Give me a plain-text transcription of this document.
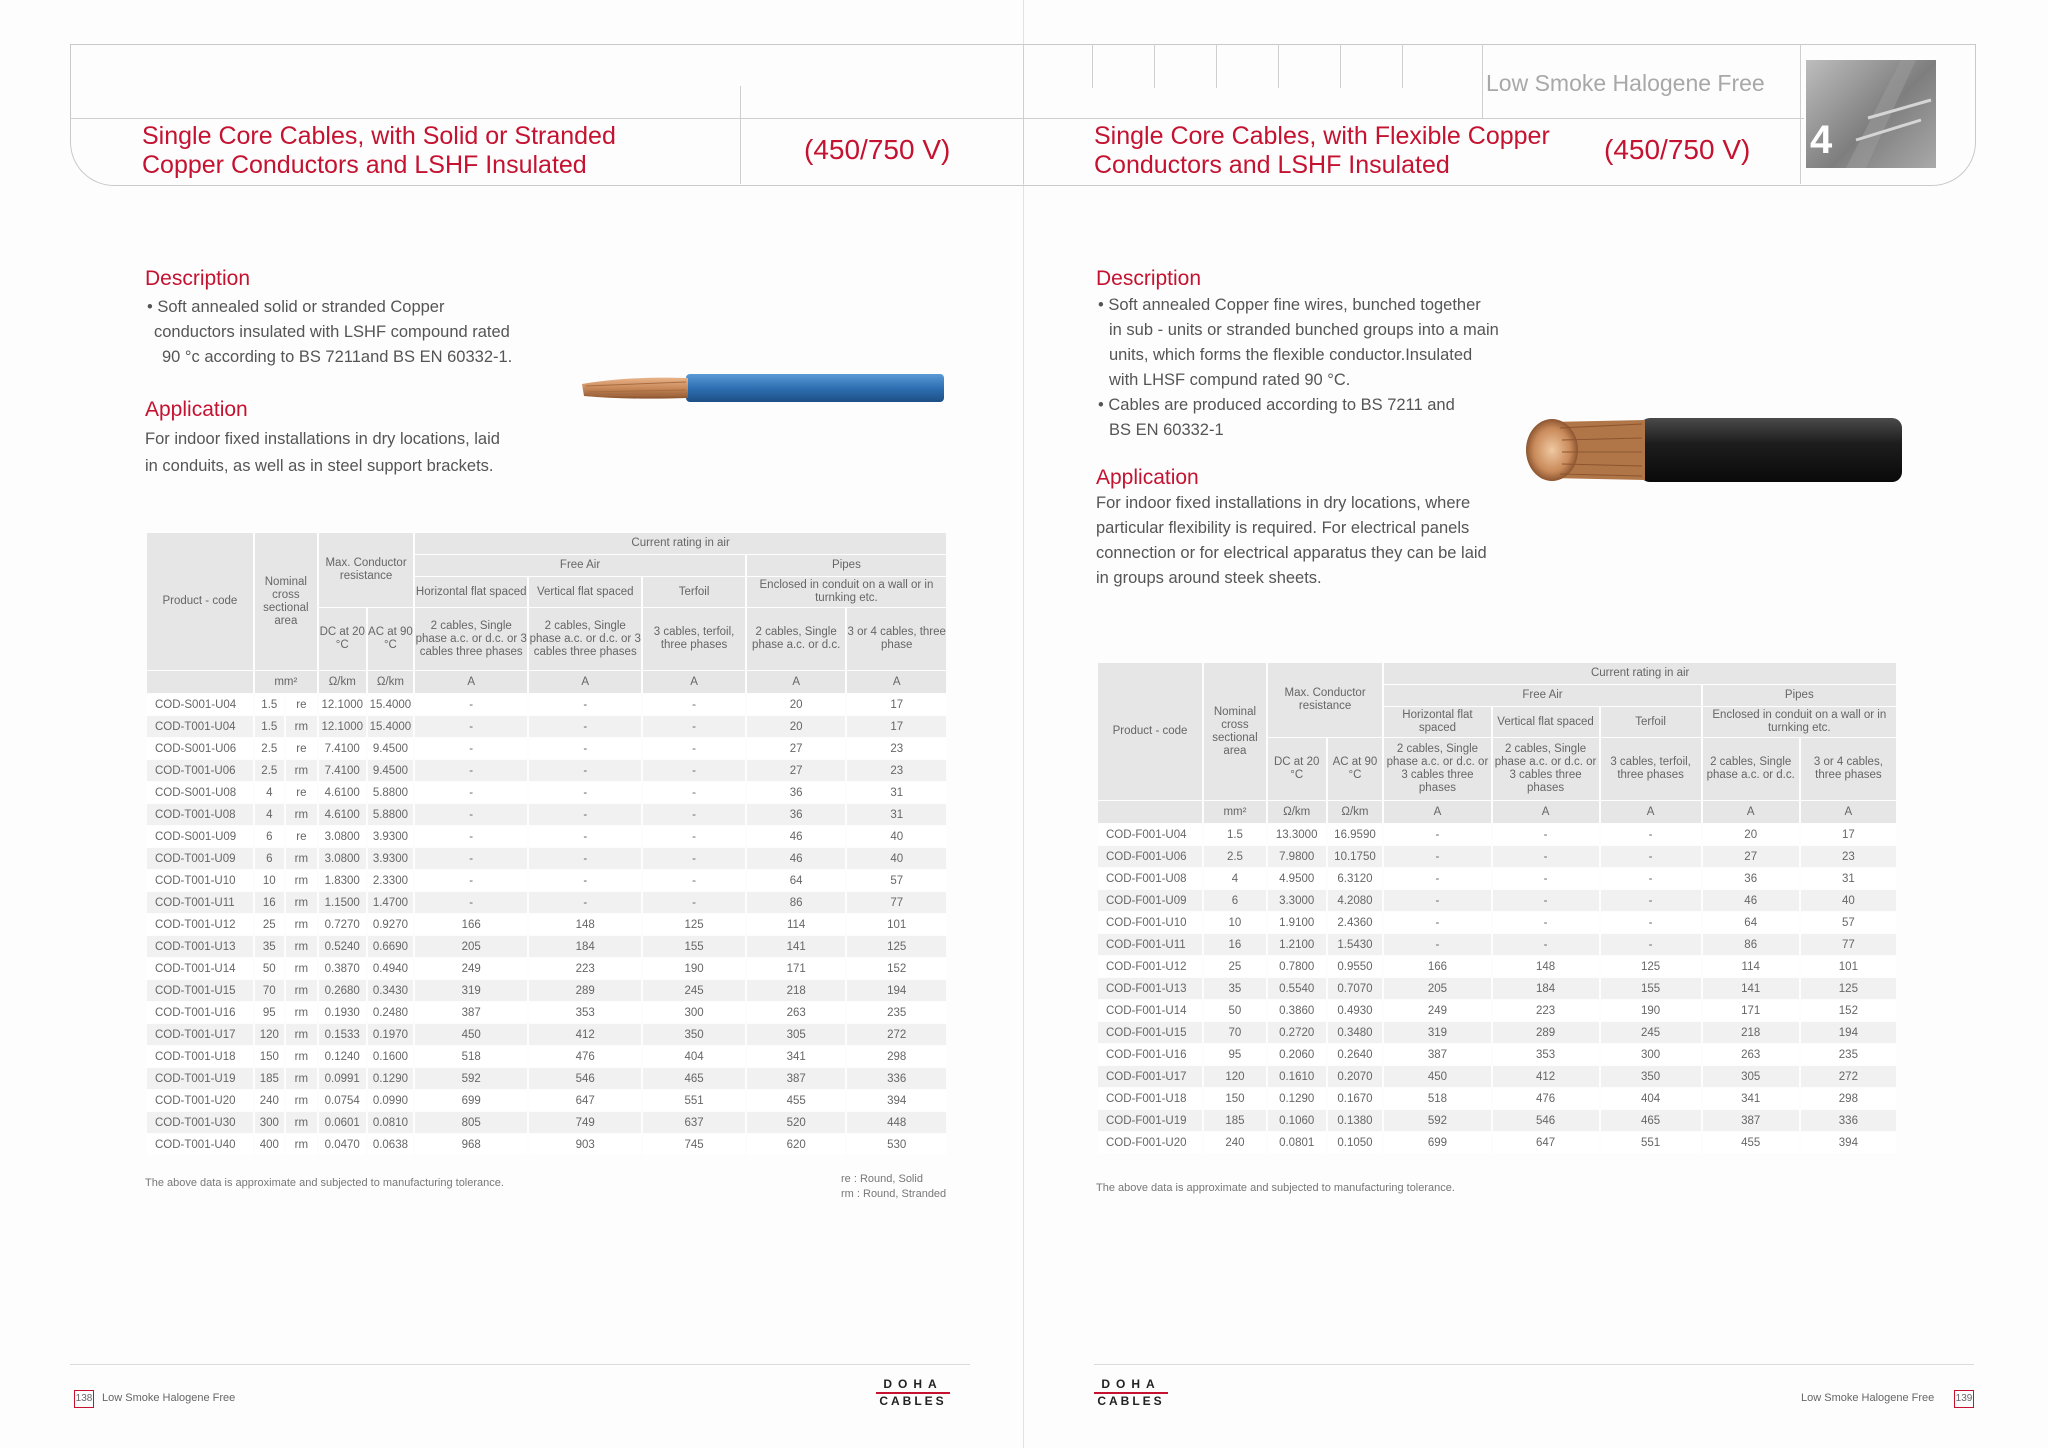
Single Core Cables, with Solid or Stranded
Copper Conductors and LSHF Insulated	(450/750 V)	Single Core Cables, with Flexible Copper
Conductors and LSHF Insulated	(450/750 V)
Low Smoke Halogene Free
4
Description

• Soft annealed solid or stranded Copper

conductors insulated with LSHF compound rated

90 °c according to BS 7211and BS EN 60332-1.

Application

For indoor fixed installations in dry locations, laid

in conduits, as well as in steel support brackets.

Product - code	Nominal cross sectional area		Max. Conductor resistance		Current rating in air				
					Free Air			Pipes	
					Horizontal flat spaced	Vertical flat spaced	Terfoil	Enclosed in conduit on a wall or in turnking etc.	
			DC at 20 °C	AC at 90 °C	2 cables, Single phase a.c. or d.c. or 3 cables three phases	2 cables, Single phase a.c. or d.c. or 3 cables three phases	3 cables, terfoil, three phases	2 cables, Single phase a.c. or d.c.	3 or 4 cables, three phase
	mm²		Ω/km	Ω/km	A	A	A	A	A
COD-S001-U04	1.5	re	12.1000	15.4000	-	-	-	20	17
COD-T001-U04	1.5	rm	12.1000	15.4000	-	-	-	20	17
COD-S001-U06	2.5	re	7.4100	9.4500	-	-	-	27	23
COD-T001-U06	2.5	rm	7.4100	9.4500	-	-	-	27	23
COD-S001-U08	4	re	4.6100	5.8800	-	-	-	36	31
COD-T001-U08	4	rm	4.6100	5.8800	-	-	-	36	31
COD-S001-U09	6	re	3.0800	3.9300	-	-	-	46	40
COD-T001-U09	6	rm	3.0800	3.9300	-	-	-	46	40
COD-T001-U10	10	rm	1.8300	2.3300	-	-	-	64	57
COD-T001-U11	16	rm	1.1500	1.4700	-	-	-	86	77
COD-T001-U12	25	rm	0.7270	0.9270	166	148	125	114	101
COD-T001-U13	35	rm	0.5240	0.6690	205	184	155	141	125
COD-T001-U14	50	rm	0.3870	0.4940	249	223	190	171	152
COD-T001-U15	70	rm	0.2680	0.3430	319	289	245	218	194
COD-T001-U16	95	rm	0.1930	0.2480	387	353	300	263	235
COD-T001-U17	120	rm	0.1533	0.1970	450	412	350	305	272
COD-T001-U18	150	rm	0.1240	0.1600	518	476	404	341	298
COD-T001-U19	185	rm	0.0991	0.1290	592	546	465	387	336
COD-T001-U20	240	rm	0.0754	0.0990	699	647	551	455	394
COD-T001-U30	300	rm	0.0601	0.0810	805	749	637	520	448
COD-T001-U40	400	rm	0.0470	0.0638	968	903	745	620	530
The above data is approximate and subjected to manufacturing tolerance.	re : Round, Solid
rm : Round, Stranded
Description

• Soft annealed Copper fine wires, bunched together

in sub - units or stranded bunched groups into a main

units, which forms the flexible conductor.Insulated

with LHSF compund rated 90 °C.

• Cables are produced according to BS 7211 and

BS EN 60332-1

Application

For indoor fixed installations in dry locations, where

particular flexibility is required. For electrical panels

connection or for electrical apparatus they can be laid

in groups around steek sheets.

Product - code	Nominal cross sectional area	Max. Conductor resistance		Current rating in air				
				Free Air			Pipes	
				Horizontal flat spaced	Vertical flat spaced	Terfoil	Enclosed in conduit on a wall or in turnking etc.	
		DC at 20 °C	AC at 90 °C	2 cables, Single phase a.c. or d.c. or 3 cables three phases	2 cables, Single phase a.c. or d.c. or 3 cables three phases	3 cables, terfoil, three phases	2 cables, Single phase a.c. or d.c.	3 or 4 cables, three phases
	mm²	Ω/km	Ω/km	A	A	A	A	A
COD-F001-U04	1.5	13.3000	16.9590	-	-	-	20	17
COD-F001-U06	2.5	7.9800	10.1750	-	-	-	27	23
COD-F001-U08	4	4.9500	6.3120	-	-	-	36	31
COD-F001-U09	6	3.3000	4.2080	-	-	-	46	40
COD-F001-U10	10	1.9100	2.4360	-	-	-	64	57
COD-F001-U11	16	1.2100	1.5430	-	-	-	86	77
COD-F001-U12	25	0.7800	0.9550	166	148	125	114	101
COD-F001-U13	35	0.5540	0.7070	205	184	155	141	125
COD-F001-U14	50	0.3860	0.4930	249	223	190	171	152
COD-F001-U15	70	0.2720	0.3480	319	289	245	218	194
COD-F001-U16	95	0.2060	0.2640	387	353	300	263	235
COD-F001-U17	120	0.1610	0.2070	450	412	350	305	272
COD-F001-U18	150	0.1290	0.1670	518	476	404	341	298
COD-F001-U19	185	0.1060	0.1380	592	546	465	387	336
COD-F001-U20	240	0.0801	0.1050	699	647	551	455	394
The above data is approximate and subjected to manufacturing tolerance.
138 Low Smoke Halogene Free
DOHA
CABLES
DOHA
CABLES	Low Smoke Halogene Free 139
